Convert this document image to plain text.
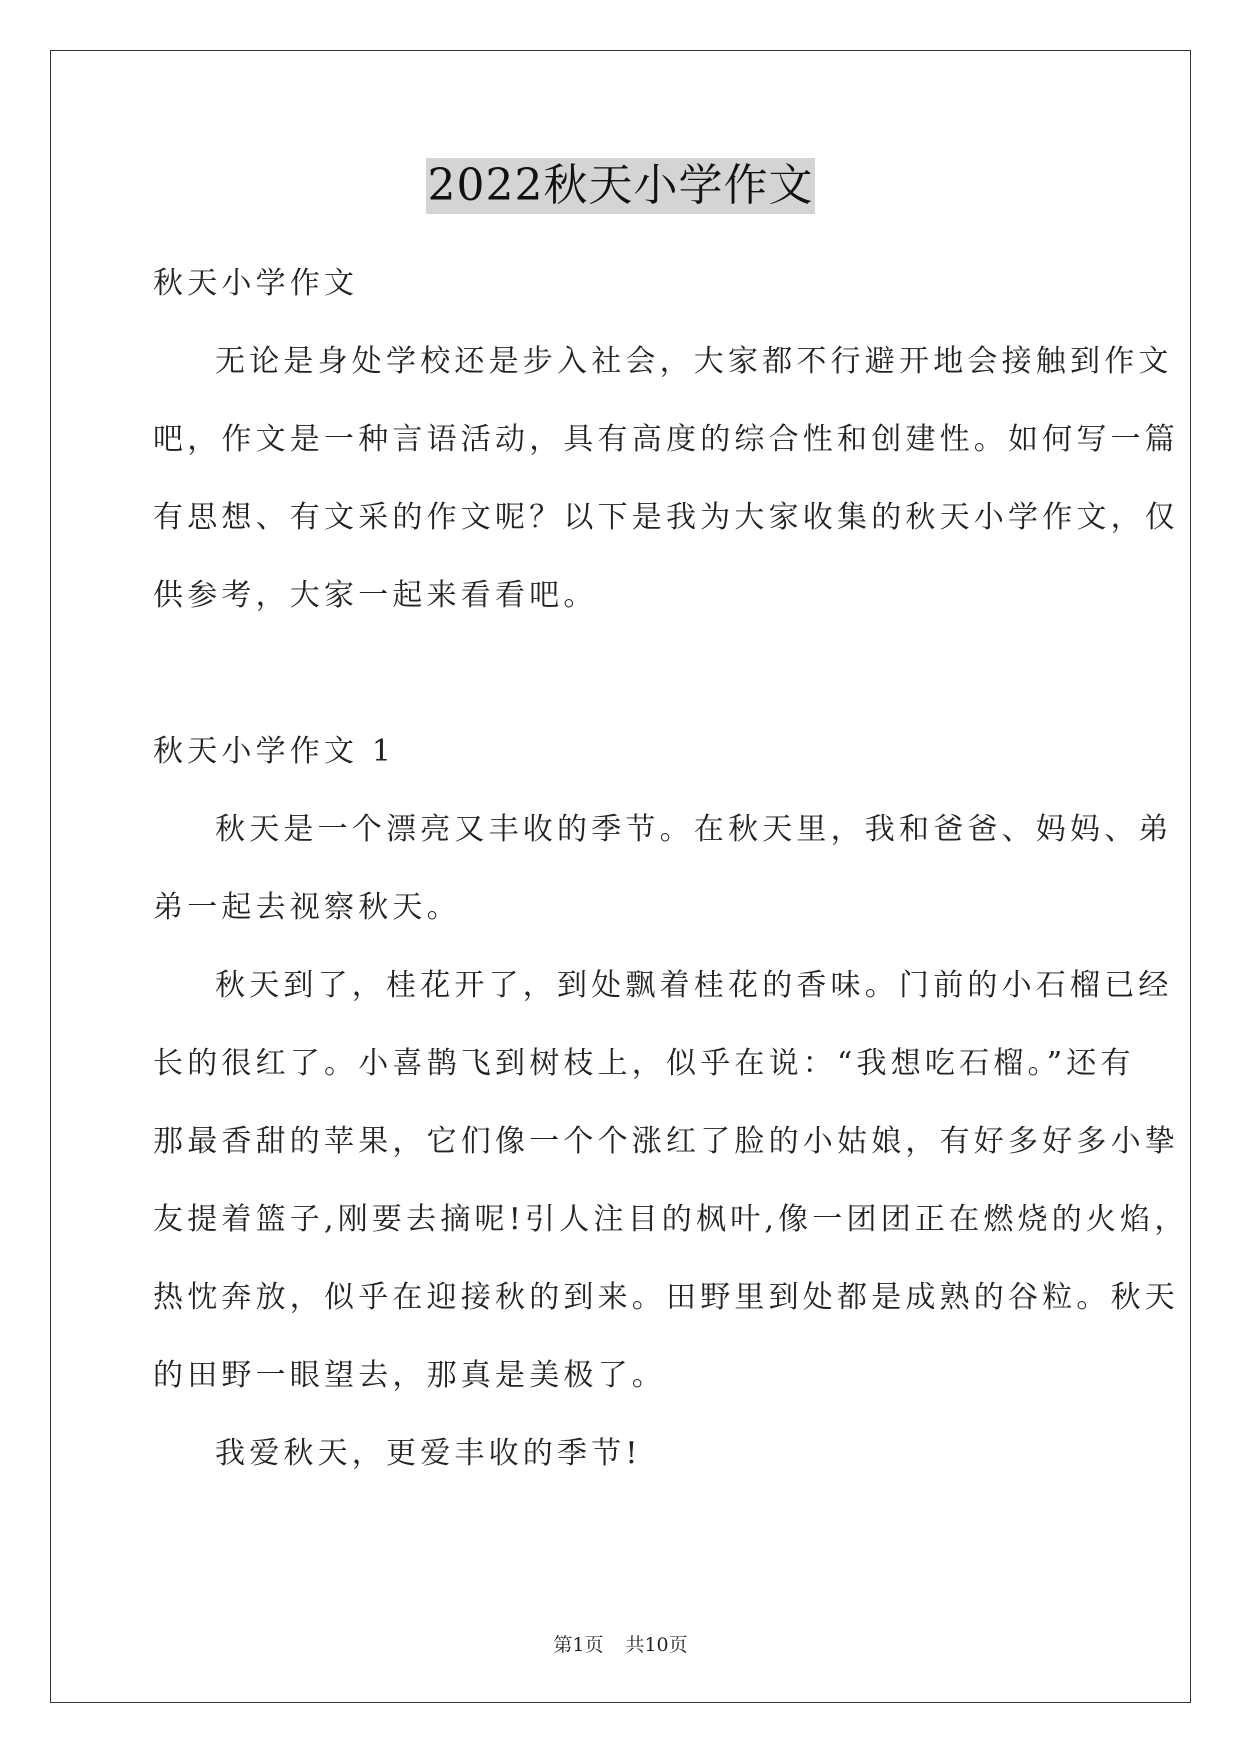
2022秋天小学作文
秋天小学作文
无论是身处学校还是步入社会，大家都不行避开地会接触到作文
吧，作文是一种言语活动，具有高度的综合性和创建性。如何写一篇
有思想、有文采的作文呢？以下是我为大家收集的秋天小学作文，仅
供参考，大家一起来看看吧。
秋天小学作文 1
秋天是一个漂亮又丰收的季节。在秋天里，我和爸爸、妈妈、弟
弟一起去视察秋天。
秋天到了，桂花开了，到处飘着桂花的香味。门前的小石榴已经
长的很红了。小喜鹊飞到树枝上，似乎在说：“我想吃石榴。”还有
那最香甜的苹果，它们像一个个涨红了脸的小姑娘，有好多好多小挚
友提着篮子,刚要去摘呢!引人注目的枫叶,像一团团正在燃烧的火焰，
热忱奔放，似乎在迎接秋的到来。田野里到处都是成熟的谷粒。秋天
的田野一眼望去，那真是美极了。
我爱秋天，更爱丰收的季节!
第1页 共10页
